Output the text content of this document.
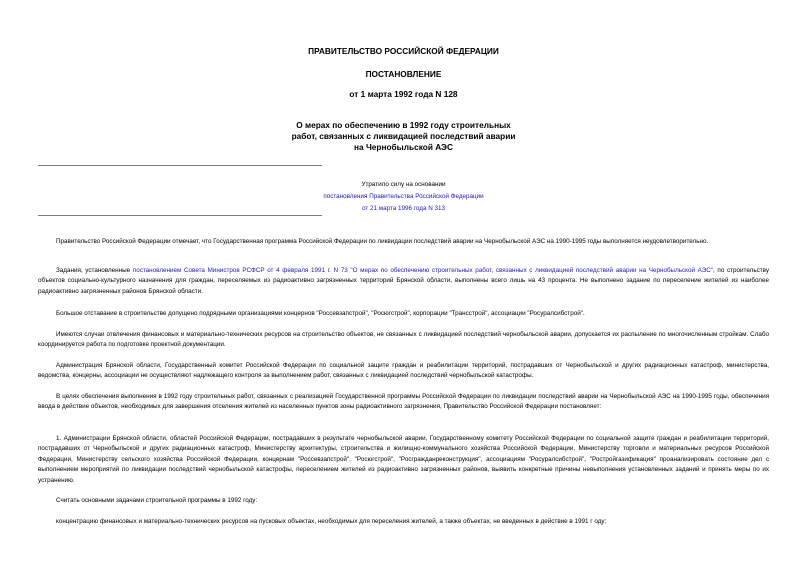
ПРАВИТЕЛЬСТВО РОССИЙСКОЙ ФЕДЕРАЦИИ
ПОСТАНОВЛЕНИЕ
от 1 марта 1992 года N 128
О мерах по обеспечению в 1992 году строительных
работ, связанных с ликвидацией последствий аварии
на Чернобыльской АЭС
Утратило силу на основании
постановления Правительства Российской Федерации
от 21 марта 1996 года N 313

Правительство Российской Федерации отмечает, что Государственная программа Российской Федерации по ликвидации последствий аварии на Чернобыльской АЭС на 1990-1995 годы выполняется неудовлетворительно.

Задания, установленные постановлением Совета Министров РСФСР от 4 февраля 1991 г. N 73 "О мерах по обеспечению строительных работ, связанных с ликвидацией последствий аварии на Чернобыльской АЭС", по строительству объектов социально-культурного назначения для граждан, переселяемых из радиоактивно загрязненных территорий Брянской области, выполнены всего лишь на 43 процента. Не выполнено задание по переселение жителей из наиболее радиоактивно загрязненных районов Брянской области.

Большое отставание в строительстве допущено подрядными организациями концернов "Россевзапстрой", "Росюгстрой", корпорации "Трансстрой", ассоциации "Росуралсибстрой".

Имеются случаи отвлечения финансовых и материально-технических ресурсов на строительство объектов, не связанных с ликвидацией последствий чернобыльской аварии, допускается их распыление по многочисленным стройкам. Слабо координируется работа по подготовке проектной документации.

Администрация Брянской области, Государственный комитет Российской Федерации по социальной защите граждан и реабилитации территорий, пострадавших от Чернобыльской и других радиационных катастроф, министерства, ведомства, концерны, ассоциации не осуществляют надлежащего контроля за выполнением работ, связанных с ликвидацией последствий чернобыльской катастрофы.

В целях обеспечения выполнения в 1992 году строительных работ, связанных с реализацией Государственной программы Российской Федерации по ликвидации последствий аварии на Чернобыльской АЭС на 1990-1995 годы, обеспечения ввода в действие объектов, необходимых для завершения отселения жителей из населенных пунктов зоны радиоактивного загрязнения, Правительство Российской Федерации постановляет:

1. Администрации Брянской области, областей Российской Федерации, пострадавших в результате чернобыльской аварии, Государственному комитету Российской Федерации по социальной защите граждан и реабилитации территорий, пострадавших от Чернобыльской и других радиационных катастроф, Министерству архитектуры, строительства и жилищно-коммунального хозяйства Российской Федерации, Министерству торговли и материальных ресурсов Российской Федерации, Министерству сельского хозяйства Российской Федерации, концернам "Россевзапстрой", "Росюгстрой", "Росгражданреконструкция", ассоциациям "Росуралсибстрой", "Ростройгазификация" проанализировать состояние дел с выполнением мероприятий по ликвидации последствий чернобыльской катастрофы, переселением жителей из радиоактивно загрязненных районов, выявить конкретные причины невыполнения установленных заданий и принять меры по их устранению.

Считать основными задачами строительной программы в 1992 году:

концентрацию финансовых и материально-технических ресурсов на пусковых объектах, необходимых для переселения жителей, а также объектах, не введенных в действие в 1991 г оду;
